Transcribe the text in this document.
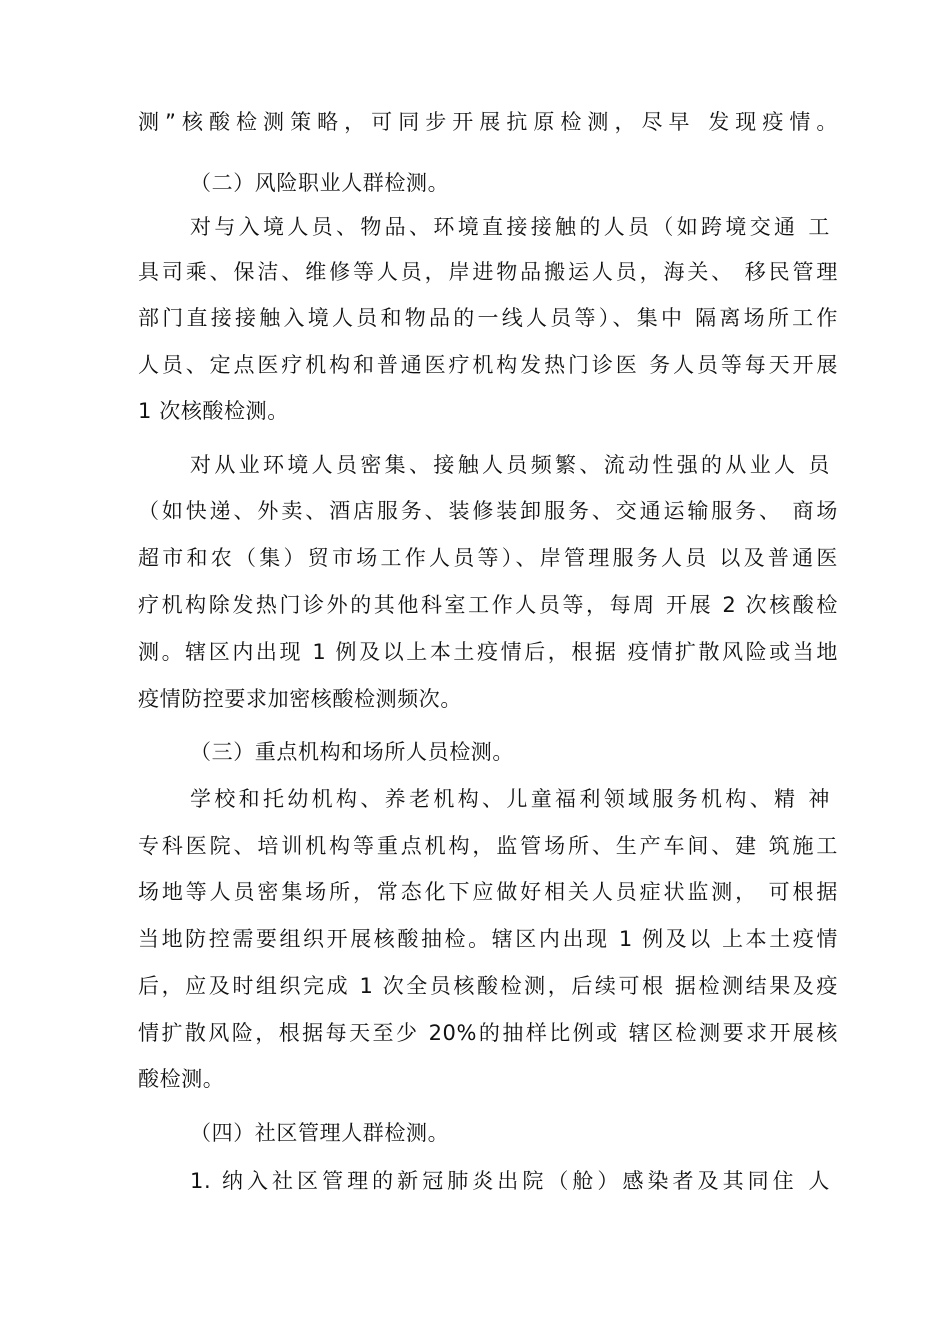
测”核酸检测策略，可同步开展抗原检测，尽早 发现疫情。
（二）风险职业人群检测。
对与入境人员、物品、环境直接接触的人员（如跨境交通 工
具司乘、保洁、维修等人员，岸进物品搬运人员，海关、 移民管理
部门直接接触入境人员和物品的一线人员等）、集中 隔离场所工作
人员、定点医疗机构和普通医疗机构发热门诊医 务人员等每天开展
1 次核酸检测。
对从业环境人员密集、接触人员频繁、流动性强的从业人 员
（如快递、外卖、酒店服务、装修装卸服务、交通运输服务、 商场
超市和农（集）贸市场工作人员等）、岸管理服务人员 以及普通医
疗机构除发热门诊外的其他科室工作人员等，每周 开展 2 次核酸检
测。辖区内出现 1 例及以上本土疫情后，根据 疫情扩散风险或当地
疫情防控要求加密核酸检测频次。
（三）重点机构和场所人员检测。
学校和托幼机构、养老机构、儿童福利领域服务机构、精 神
专科医院、培训机构等重点机构，监管场所、生产车间、建 筑施工
场地等人员密集场所，常态化下应做好相关人员症状监测， 可根据
当地防控需要组织开展核酸抽检。辖区内出现 1 例及以 上本土疫情
后，应及时组织完成 1 次全员核酸检测，后续可根 据检测结果及疫
情扩散风险，根据每天至少 20%的抽样比例或 辖区检测要求开展核
酸检测。
（四）社区管理人群检测。
1. 纳入社区管理的新冠肺炎出院（舱）感染者及其同住 人
